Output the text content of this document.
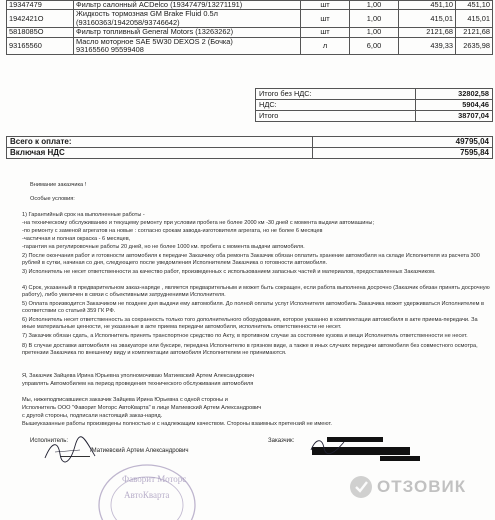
19347479	Фильтр салонный ACDelco (19347479/13271191)	шт	1,00	451,10	451,10
1942421O	Жидкость тормозная GM Brake Fluid 0.5л
(93160363/1942058/93746642)	шт	1,00	415,01	415,01
5818085O	Фильтр топливный General Motors (13263262)	шт	1,00	2121,68	2121,68
93165560	Масло моторное SAE 5W30 DEXOS 2 (Бочка)
93165560 95599408	л	6,00	439,33	2635,98
Итого без НДС:	32802,58
НДС:	5904,46
Итого	38707,04
Всего к оплате:	49795,04
Включая НДС	7595,84
Внимание заказчика !
Особые условия:
1) Гарантийный срок на выполненные работы -
-на техническому обслуживанию и текущему ремонту при условии пробега не более 2000 км -30 дней с момента выдачи автомашины;
-по ремонту с заменой агрегатов на новые : согласно срокам завода-изготовителя агрегата, но не более 6 месяцев
-частичная и полная окраска - 6 месяцев,
-гарантия на регулировочные работы 20 дней, но не более 1000 км. пробега с момента выдачи автомобиля.
2) После окончания работ и готовности автомобиля к передаче Заказчику оба ремонта Заказчик обязан оплатить хранение автомобиля на складе Исполнителя из расчета 300 рублей в сутки, начиная со дня, следующего после уведомления Исполнителем Заказчика о готовности автомобиля.
3) Исполнитель не несет ответственности за качество работ, произведенных с использованием запасных частей и материалов, предоставленных Заказчиком.
4) Срок, указанный в предварительном заказ-наряде , является предварительным и может быть сокращен, если работа выполнена досрочно (Заказчик обязан принять досрочную работу), либо увеличен в связи с объективными затруднениями Исполнителя.
5) Оплата производится Заказчиком не позднее дня выдачи ему автомобиля. До полной оплаты услуг Исполнителя автомобиль Заказчика может удерживаться Исполнителем в соответствии со статьей 359 ГК РФ.
6) Исполнитель несет ответственность за сохранность только того дополнительного оборудования, которое указанно в комплектации автомобиля в акте приема-передачи. За иные материальные ценности, не указанные в акте приема передачи автомобиля, исполнитель ответственности не несет.
7) Заказчик обязан сдать, а Исполнитель принять транспортное средство по Акту, в противном случае за состояние кузова и вещи Исполнитель ответственности не несет.
8) В случае доставки автомобиля на эвакуаторе или буксире, передача Исполнителю в грязном виде, а также в иных случаях передачи автомобиля без совместного осмотра, претензии Заказчика по внешнему виду и комплектации автомобиля Исполнителем не принимаются.
Я, Заказчик Зайцева Ирина Юрьевна уполномочиваю Матиевский Артем Александрович
управлять Автомобилем на период проведения технического обслуживания автомобиля
Мы, нижеподписавшиеся заказчик Зайцева Ирина Юрьевна с одной стороны и
Исполнитель ООО "Фаворит Моторс АвтоКварта" в лице Матиевский Артем Александрович
с другой стороны, подписали настоящий заказ-наряд.
Вышеуказанные работы произведены полностью и с надлежащим качеством. Стороны взаимных претензий не имеют.
Исполнитель:
/Матиевский Артем Александрович
Фаворит Моторс
АвтоКварта
Заказчик:
ОТЗОВИК
